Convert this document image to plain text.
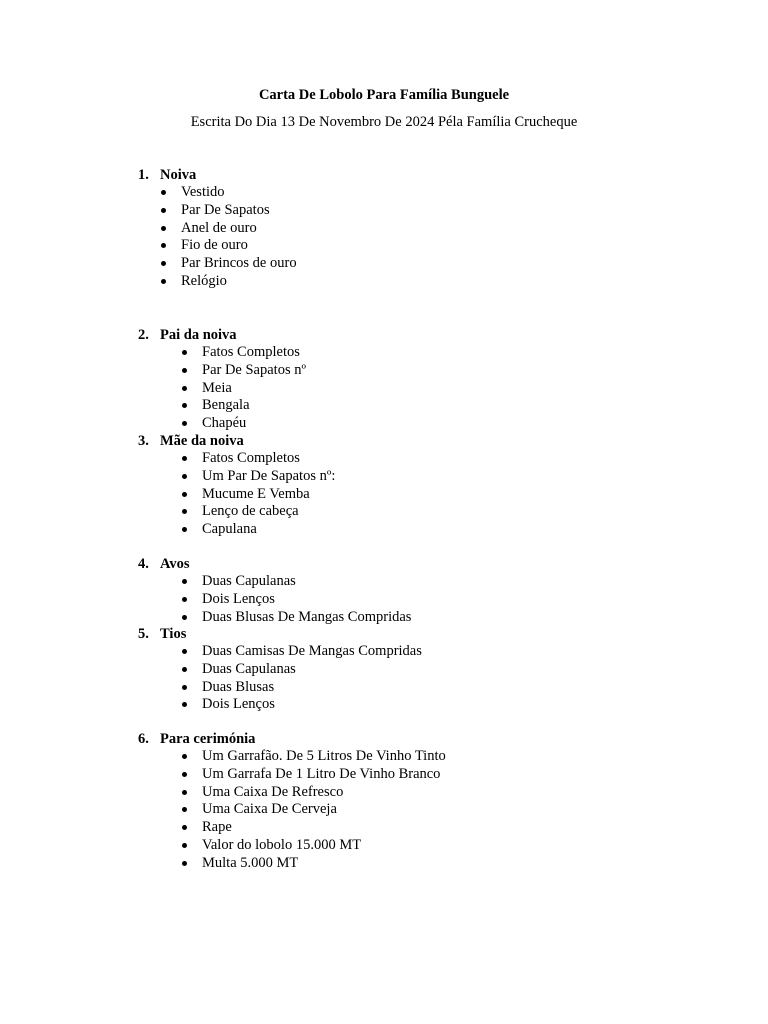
Carta De Lobolo Para Família Bunguele
Escrita Do Dia 13 De Novembro De 2024 Péla Família Crucheque
1. Noiva
Vestido
Par De Sapatos
Anel de ouro
Fio de ouro
Par Brincos de ouro
Relógio
2. Pai da noiva
Fatos Completos
Par De Sapatos nº
Meia
Bengala
Chapéu
3. Mãe da noiva
Fatos Completos
Um Par De Sapatos nº:
Mucume E Vemba
Lenço de cabeça
Capulana
4. Avos
Duas Capulanas
Dois Lenços
Duas Blusas De Mangas Compridas
5. Tios
Duas Camisas De Mangas Compridas
Duas Capulanas
Duas Blusas
Dois Lenços
6. Para cerimónia
Um Garrafão. De 5 Litros De Vinho Tinto
Um Garrafa De 1 Litro De Vinho Branco
Uma Caixa De Refresco
Uma Caixa De Cerveja
Rape
Valor do lobolo 15.000 MT
Multa 5.000 MT
